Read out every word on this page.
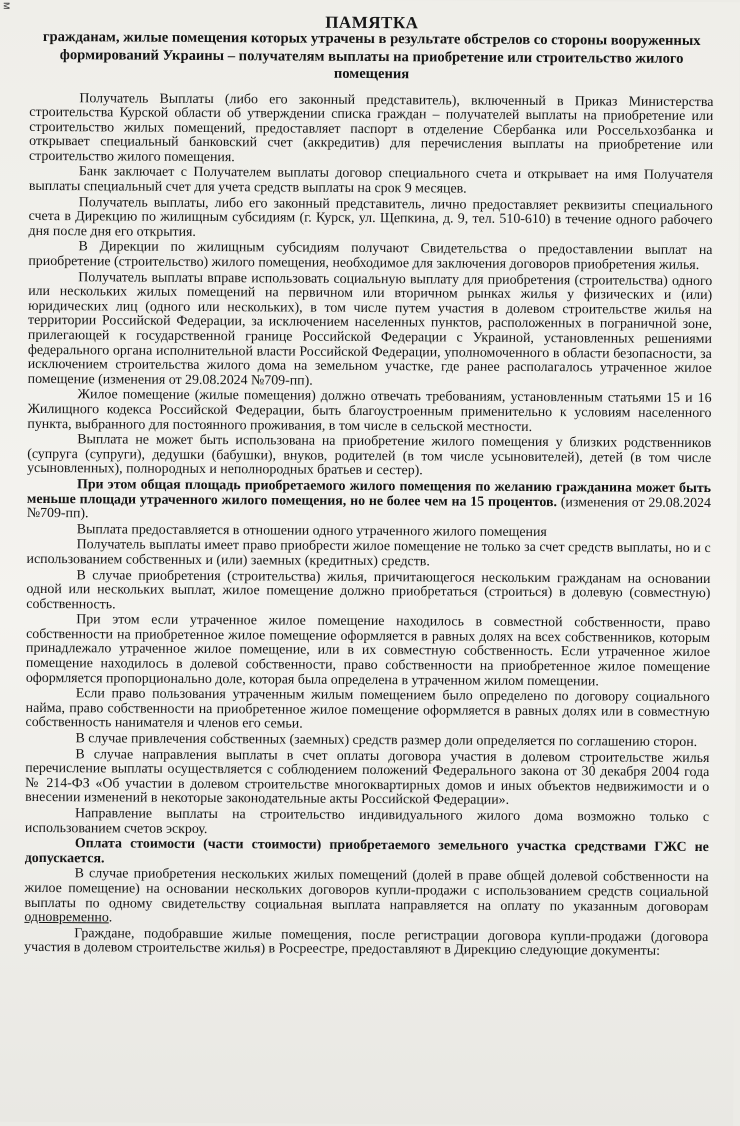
м
ПАМЯТКА
гражданам, жилые помещения которых утрачены в результате обстрелов со стороны вооруженных формирований Украины – получателям выплаты на приобретение или строительство жилого помещения

Получатель Выплаты (либо его законный представитель), включенный в Приказ Министерства строительства Курской области об утверждении списка граждан – получателей выплаты на приобретение или строительство жилых помещений, предоставляет паспорт в отделение Сбербанка или Россельхозбанка и открывает специальный банковский счет (аккредитив) для перечисления выплаты на приобретение или строительство жилого помещения.

Банк заключает с Получателем выплаты договор специального счета и открывает на имя Получателя выплаты специальный счет для учета средств выплаты на срок 9 месяцев.

Получатель выплаты, либо его законный представитель, лично предоставляет реквизиты специального счета в Дирекцию по жилищным субсидиям (г. Курск, ул. Щепкина, д. 9, тел. 510-610) в течение одного рабочего дня после дня его открытия.

В Дирекции по жилищным субсидиям получают Свидетельства о предоставлении выплат на приобретение (строительство) жилого помещения, необходимое для заключения договоров приобретения жилья.

Получатель выплаты вправе использовать социальную выплату для приобретения (строительства) одного или нескольких жилых помещений на первичном или вторичном рынках жилья у физических и (или) юридических лиц (одного или нескольких), в том числе путем участия в долевом строительстве жилья на территории Российской Федерации, за исключением населенных пунктов, расположенных в пограничной зоне, прилегающей к государственной границе Российской Федерации с Украиной, установленных решениями федерального органа исполнительной власти Российской Федерации, уполномоченного в области безопасности, за исключением строительства жилого дома на земельном участке, где ранее располагалось утраченное жилое помещение (изменения от 29.08.2024 №709-пп).

Жилое помещение (жилые помещения) должно отвечать требованиям, установленным статьями 15 и 16 Жилищного кодекса Российской Федерации, быть благоустроенным применительно к условиям населенного пункта, выбранного для постоянного проживания, в том числе в сельской местности.

Выплата не может быть использована на приобретение жилого помещения у близких родственников (супруга (супруги), дедушки (бабушки), внуков, родителей (в том числе усыновителей), детей (в том числе усыновленных), полнородных и неполнородных братьев и сестер).

При этом общая площадь приобретаемого жилого помещения по желанию гражданина может быть меньше площади утраченного жилого помещения, но не более чем на 15 процентов. (изменения от 29.08.2024 №709-пп).

Выплата предоставляется в отношении одного утраченного жилого помещения

Получатель выплаты имеет право приобрести жилое помещение не только за счет средств выплаты, но и с использованием собственных и (или) заемных (кредитных) средств.

В случае приобретения (строительства) жилья, причитающегося нескольким гражданам на основании одной или нескольких выплат, жилое помещение должно приобретаться (строиться) в долевую (совместную) собственность.

При этом если утраченное жилое помещение находилось в совместной собственности, право собственности на приобретенное жилое помещение оформляется в равных долях на всех собственников, которым принадлежало утраченное жилое помещение, или в их совместную собственность. Если утраченное жилое помещение находилось в долевой собственности, право собственности на приобретенное жилое помещение оформляется пропорционально доле, которая была определена в утраченном жилом помещении.

Если право пользования утраченным жилым помещением было определено по договору социального найма, право собственности на приобретенное жилое помещение оформляется в равных долях или в совместную собственность нанимателя и членов его семьи.

В случае привлечения собственных (заемных) средств размер доли определяется по соглашению сторон.

В случае направления выплаты в счет оплаты договора участия в долевом строительстве жилья перечисление выплаты осуществляется с соблюдением положений Федерального закона от 30 декабря 2004 года № 214-ФЗ «Об участии в долевом строительстве многоквартирных домов и иных объектов недвижимости и о внесении изменений в некоторые законодательные акты Российской Федерации».

Направление выплаты на строительство индивидуального жилого дома возможно только с использованием счетов эскроу.

Оплата стоимости (части стоимости) приобретаемого земельного участка средствами ГЖС не допускается.

В случае приобретения нескольких жилых помещений (долей в праве общей долевой собственности на жилое помещение) на основании нескольких договоров купли-продажи с использованием средств социальной выплаты по одному свидетельству социальная выплата направляется на оплату по указанным договорам одновременно.

Граждане, подобравшие жилые помещения, после регистрации договора купли-продажи (договора участия в долевом строительстве жилья) в Росреестре, предоставляют в Дирекцию следующие документы:
